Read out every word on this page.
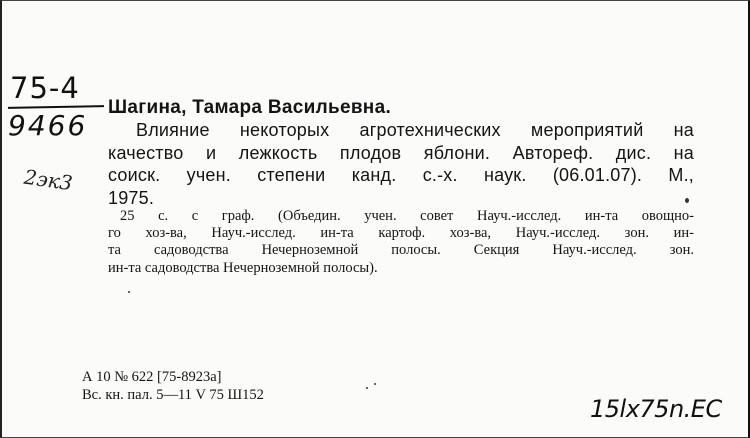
75-4
9466
2эк3
Шагина, Тамара Васильевна.
Влияние некоторых агротехнических мероприятий на
качество и лежкость плодов яблони. Автореф. дис. на
соиск. учен. степени канд. с.-х. наук. (06.01.07). М.,
1975.
25 с. с граф. (Объедин. учен. совет Науч.-исслед. ин-та овощно-
го хоз-ва, Науч.-исслед. ин-та картоф. хоз-ва, Науч.-исслед. зон. ин-
та садоводства Нечерноземной полосы. Секция Науч.-исслед. зон.
ин-та садоводства Нечерноземной полосы).
А 10 № 622 [75-8923а]
Вс. кн. пал. 5—11 V 75 Ш152	15lx75n.EC
